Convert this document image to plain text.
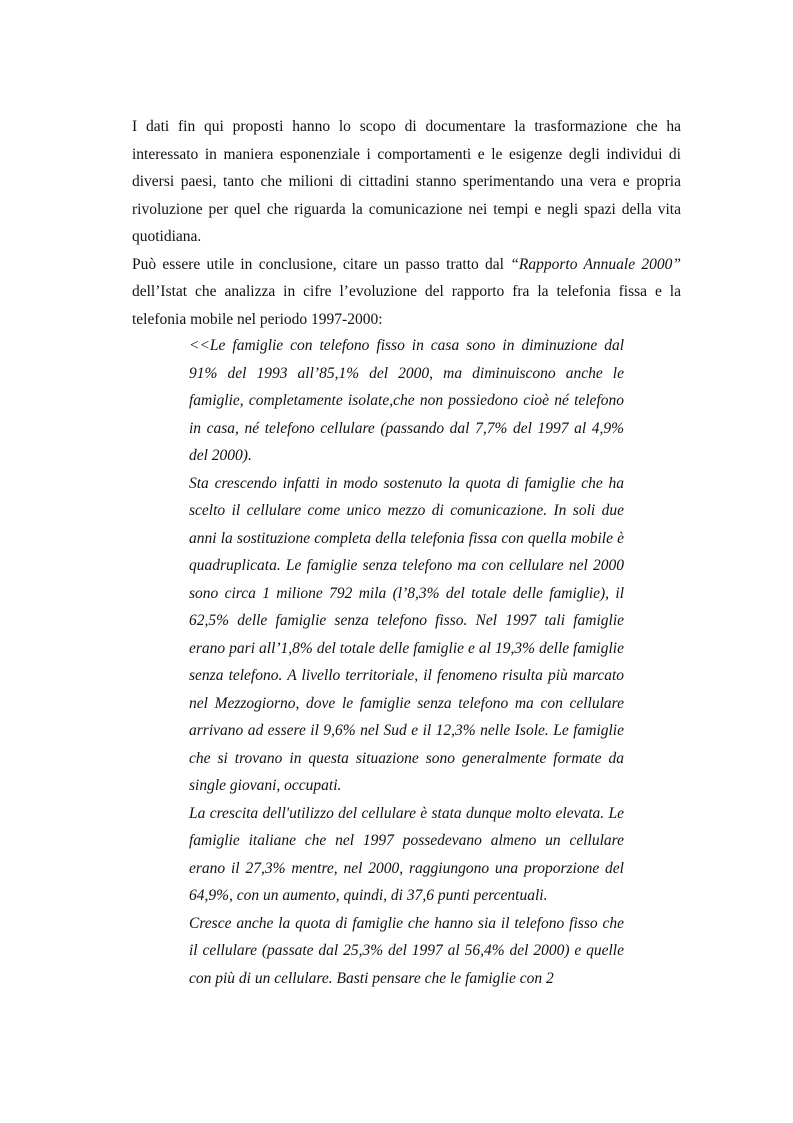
I dati fin qui proposti hanno lo scopo di documentare la trasformazione che ha interessato in maniera esponenziale i comportamenti e le esigenze degli individui di diversi paesi, tanto che milioni di cittadini stanno sperimentando una vera e propria rivoluzione per quel che riguarda la comunicazione nei tempi e negli spazi della vita quotidiana.

Può essere utile in conclusione, citare un passo tratto dal “Rapporto Annuale 2000” dell’Istat che analizza in cifre l’evoluzione del rapporto fra la telefonia fissa e la telefonia mobile nel periodo 1997-2000:

<<Le famiglie con telefono fisso in casa sono in diminuzione dal 91% del 1993 all’85,1% del 2000, ma diminuiscono anche le famiglie, completamente isolate,che non possiedono cioè né telefono in casa, né telefono cellulare (passando dal 7,7% del 1997 al 4,9% del 2000).

Sta crescendo infatti in modo sostenuto la quota di famiglie che ha scelto il cellulare come unico mezzo di comunicazione. In soli due anni la sostituzione completa della telefonia fissa con quella mobile è quadruplicata. Le famiglie senza telefono ma con cellulare nel 2000 sono circa 1 milione 792 mila (l’8,3% del totale delle famiglie), il 62,5% delle famiglie senza telefono fisso. Nel 1997 tali famiglie erano pari all’1,8% del totale delle famiglie e al 19,3% delle famiglie senza telefono. A livello territoriale, il fenomeno risulta più marcato nel Mezzogiorno, dove le famiglie senza telefono ma con cellulare arrivano ad essere il 9,6% nel Sud e il 12,3% nelle Isole. Le famiglie che si trovano in questa situazione sono generalmente formate da single giovani, occupati.

La crescita dell'utilizzo del cellulare è stata dunque molto elevata. Le famiglie italiane che nel 1997 possedevano almeno un cellulare erano il 27,3% mentre, nel 2000, raggiungono una proporzione del 64,9%, con un aumento, quindi, di 37,6 punti percentuali.

Cresce anche la quota di famiglie che hanno sia il telefono fisso che il cellulare (passate dal 25,3% del 1997 al 56,4% del 2000) e quelle con più di un cellulare. Basti pensare che le famiglie con 2
